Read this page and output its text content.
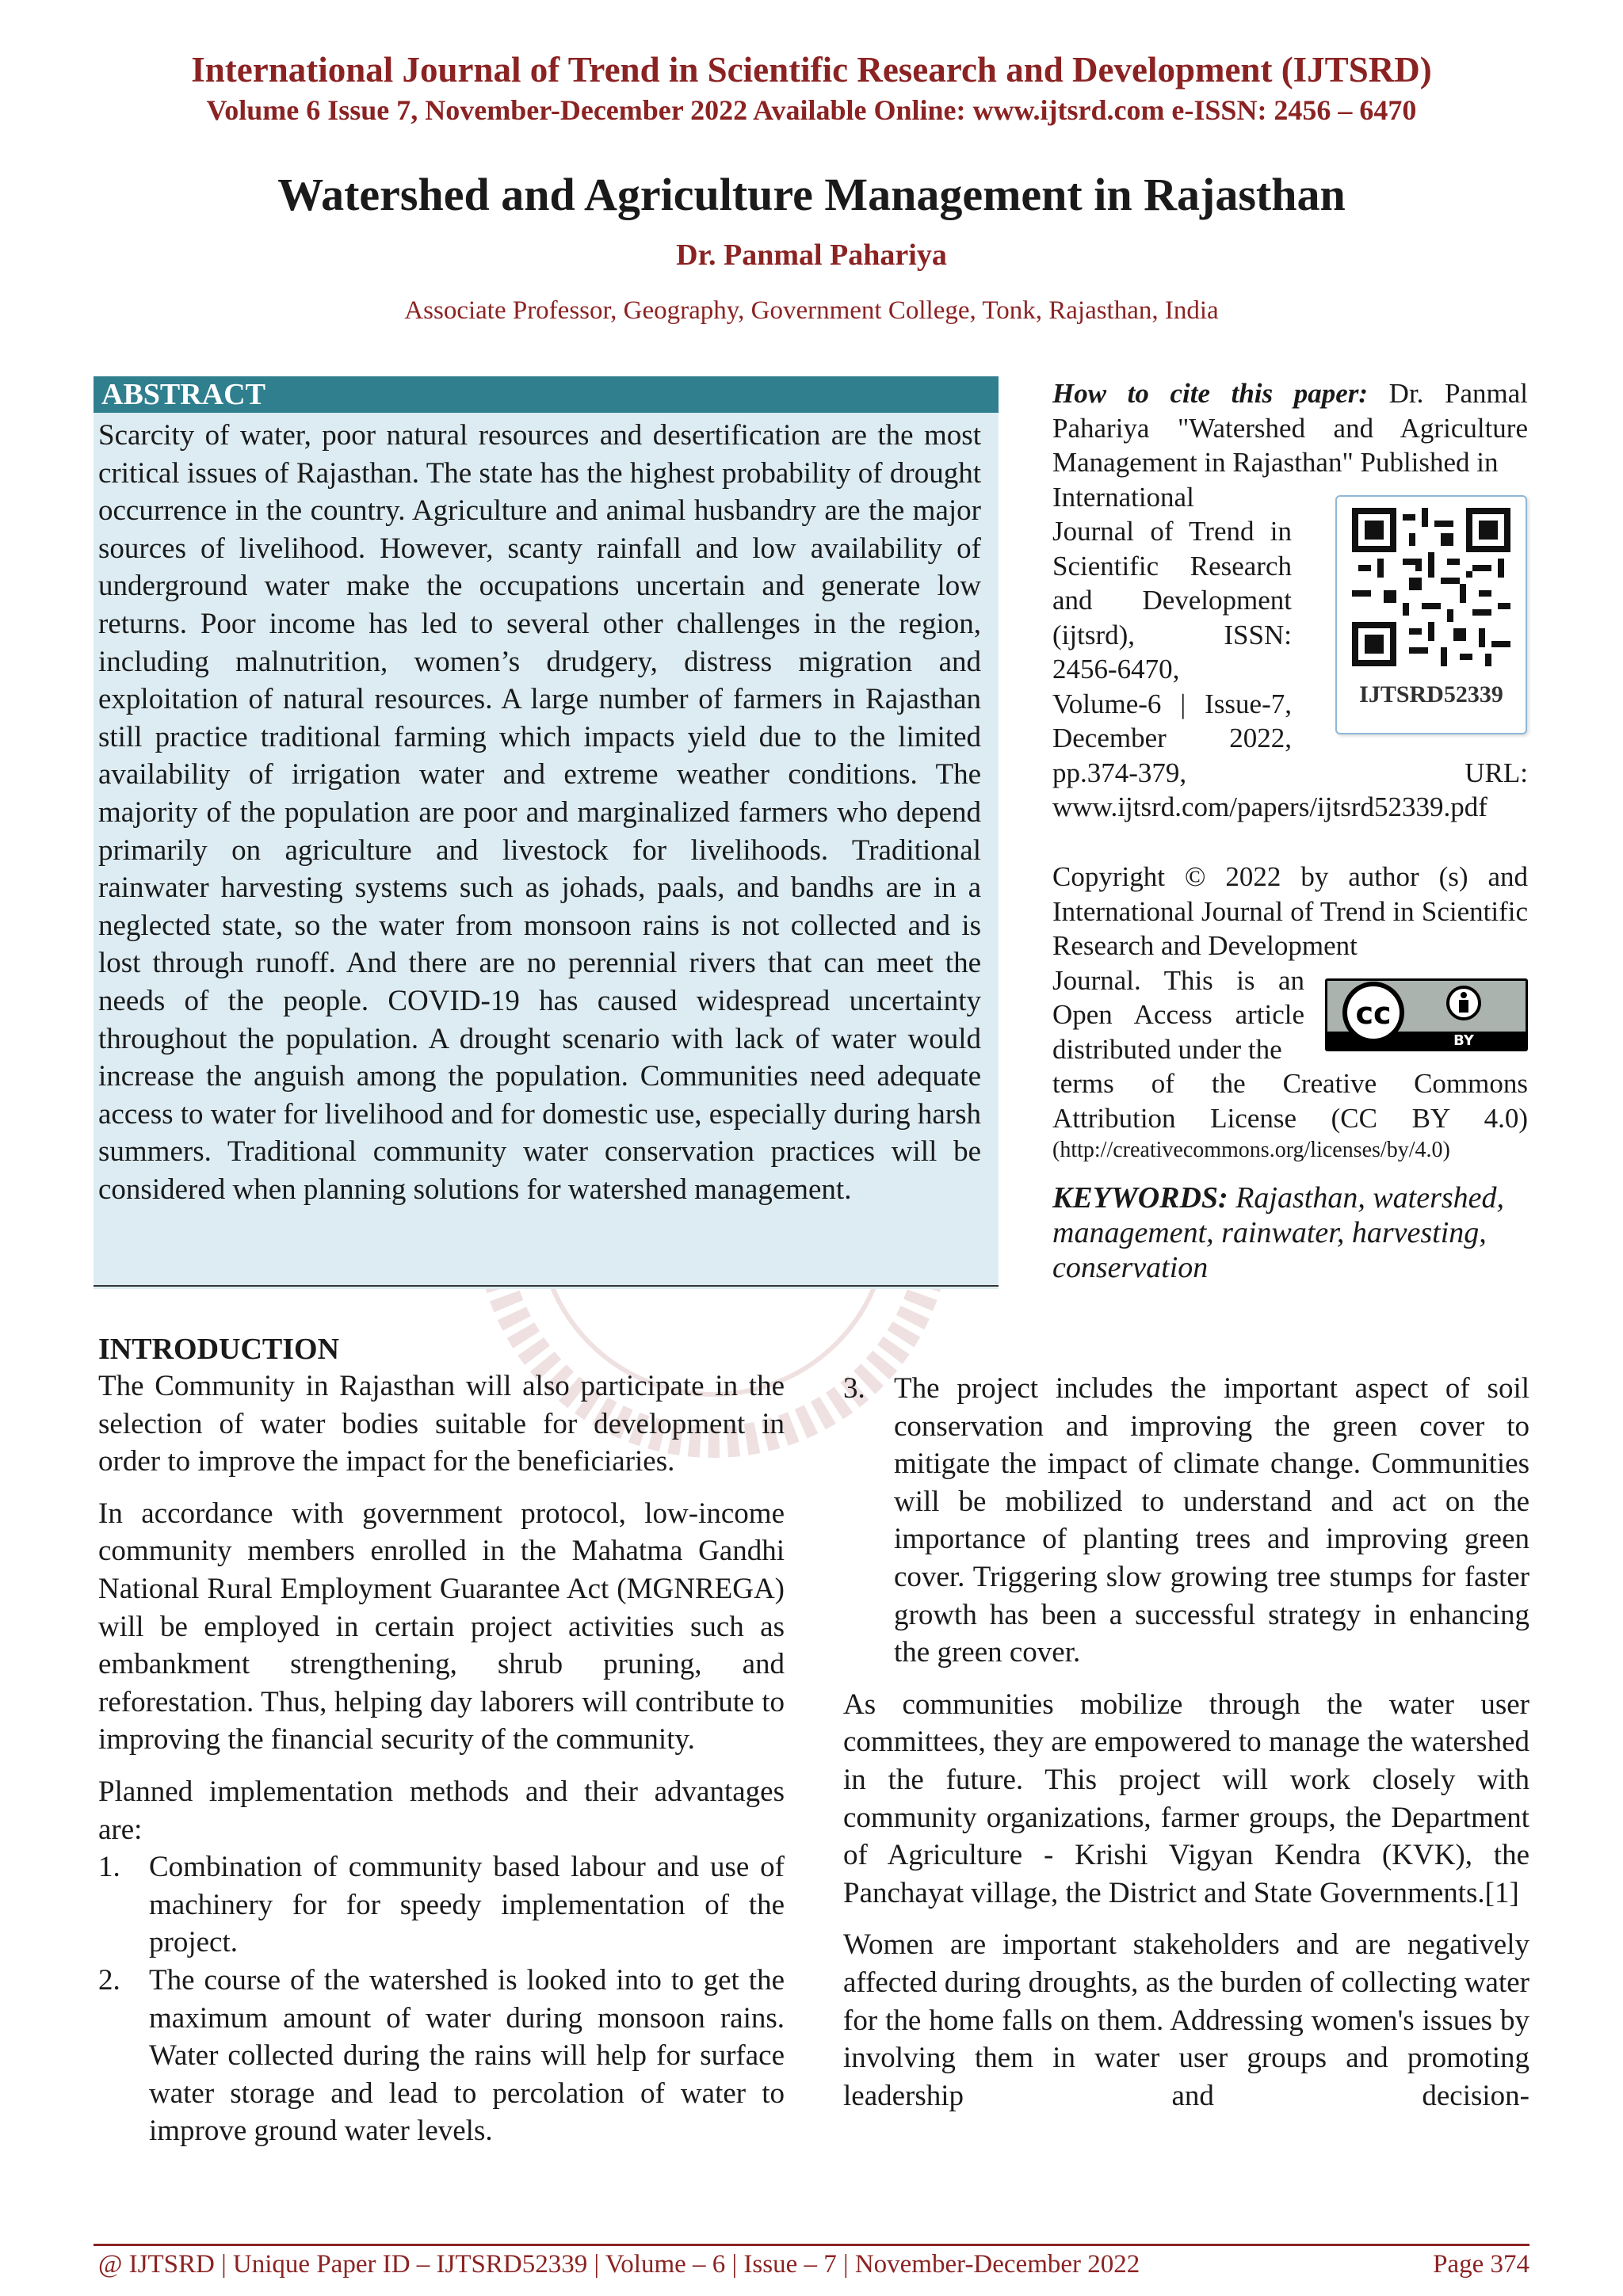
International Journal of Trend in Scientific Research and Development (IJTSRD)
Volume 6 Issue 7, November-December 2022 Available Online: www.ijtsrd.com e-ISSN: 2456 – 6470
Watershed and Agriculture Management in Rajasthan
Dr. Panmal Pahariya
Associate Professor, Geography, Government College, Tonk, Rajasthan, India
ABSTRACT
Scarcity of water, poor natural resources and desertification are the most critical issues of Rajasthan. The state has the highest probability of drought occurrence in the country. Agriculture and animal husbandry are the major sources of livelihood. However, scanty rainfall and low availability of underground water make the occupations uncertain and generate low returns. Poor income has led to several other challenges in the region, including malnutrition, women’s drudgery, distress migration and exploitation of natural resources. A large number of farmers in Rajasthan still practice traditional farming which impacts yield due to the limited availability of irrigation water and extreme weather conditions. The majority of the population are poor and marginalized farmers who depend primarily on agriculture and livestock for livelihoods. Traditional rainwater harvesting systems such as johads, paals, and bandhs are in a neglected state, so the water from monsoon rains is not collected and is lost through runoff. And there are no perennial rivers that can meet the needs of the people. COVID-19 has caused widespread uncertainty throughout the population. A drought scenario with lack of water would increase the anguish among the population. Communities need adequate access to water for livelihood and for domestic use, especially during harsh summers. Traditional community water conservation practices will be considered when planning solutions for watershed management.
How to cite this paper: Dr. Panmal Pahariya "Watershed and Agriculture Management in Rajasthan" Published in
International
Journal of Trend in
Scientific Research
and Development
(ijtsrd), ISSN:
2456-6470,
Volume-6 | Issue-7,
December 2022,
pp.374-379,	URL:
www.ijtsrd.com/papers/ijtsrd52339.pdf
IJTSRD52339
Copyright © 2022 by author (s) and International Journal of Trend in Scientific Research and Development
Journal. This is an
Open Access article
distributed under the
terms of the Creative Commons Attribution License (CC BY 4.0)
(http://creativecommons.org/licenses/by/4.0)
cc
BY
KEYWORDS: Rajasthan, watershed, management, rainwater, harvesting, conservation
INTRODUCTION
The Community in Rajasthan will also participate in the selection of water bodies suitable for development in order to improve the impact for the beneficiaries.
In accordance with government protocol, low-income community members enrolled in the Mahatma Gandhi National Rural Employment Guarantee Act (MGNREGA) will be employed in certain project activities such as embankment strengthening, shrub pruning, and reforestation. Thus, helping day laborers will contribute to improving the financial security of the community.
Planned implementation methods and their advantages are:
1. Combination of community based labour and use of machinery for for speedy implementation of the project.
2. The course of the watershed is looked into to get the maximum amount of water during monsoon rains. Water collected during the rains will help for surface water storage and lead to percolation of water to improve ground water levels.
3. The project includes the important aspect of soil conservation and improving the green cover to mitigate the impact of climate change. Communities will be mobilized to understand and act on the importance of planting trees and improving green cover. Triggering slow growing tree stumps for faster growth has been a successful strategy in enhancing the green cover.
As communities mobilize through the water user committees, they are empowered to manage the watershed in the future. This project will work closely with community organizations, farmer groups, the Department of Agriculture - Krishi Vigyan Kendra (KVK), the Panchayat village, the District and State Governments.[1]
Women are important stakeholders and are negatively affected during droughts, as the burden of collecting water for the home falls on them. Addressing women's issues by involving them in water user groups and promoting leadership and decision-
@ IJTSRD | Unique Paper ID – IJTSRD52339 | Volume – 6 | Issue – 7 | November-December 2022	Page 374
